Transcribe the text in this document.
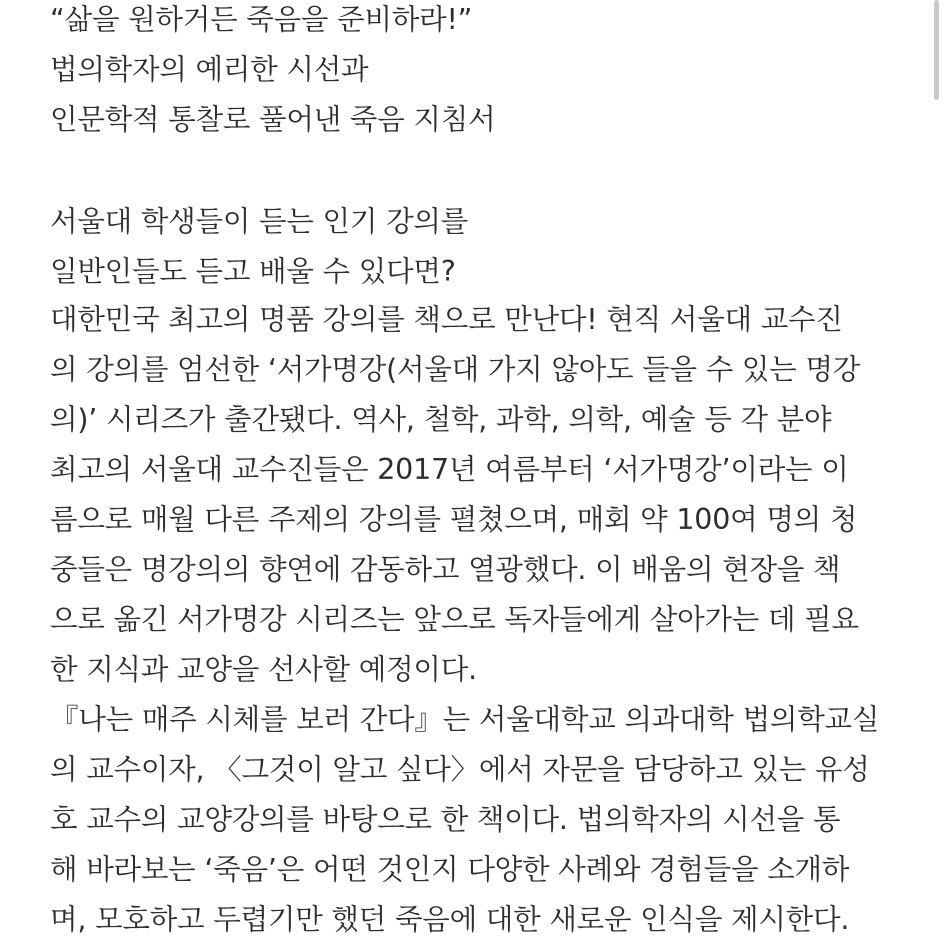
“삶을 원하거든 죽음을 준비하라!”
법의학자의 예리한 시선과
인문학적 통찰로 풀어낸 죽음 지침서
서울대 학생들이 듣는 인기 강의를
일반인들도 듣고 배울 수 있다면?
대한민국 최고의 명품 강의를 책으로 만난다! 현직 서울대 교수진
의 강의를 엄선한 ‘서가명강(서울대 가지 않아도 들을 수 있는 명강
의)’ 시리즈가 출간됐다. 역사, 철학, 과학, 의학, 예술 등 각 분야
최고의 서울대 교수진들은 2017년 여름부터 ‘서가명강’이라는 이
름으로 매월 다른 주제의 강의를 펼쳤으며, 매회 약 100여 명의 청
중들은 명강의의 향연에 감동하고 열광했다. 이 배움의 현장을 책
으로 옮긴 서가명강 시리즈는 앞으로 독자들에게 살아가는 데 필요
한 지식과 교양을 선사할 예정이다.
『나는 매주 시체를 보러 간다』는 서울대학교 의과대학 법의학교실
의 교수이자, 〈그것이 알고 싶다〉에서 자문을 담당하고 있는 유성
호 교수의 교양강의를 바탕으로 한 책이다. 법의학자의 시선을 통
해 바라보는 ‘죽음’은 어떤 것인지 다양한 사례와 경험들을 소개하
며, 모호하고 두렵기만 했던 죽음에 대한 새로운 인식을 제시한다.
